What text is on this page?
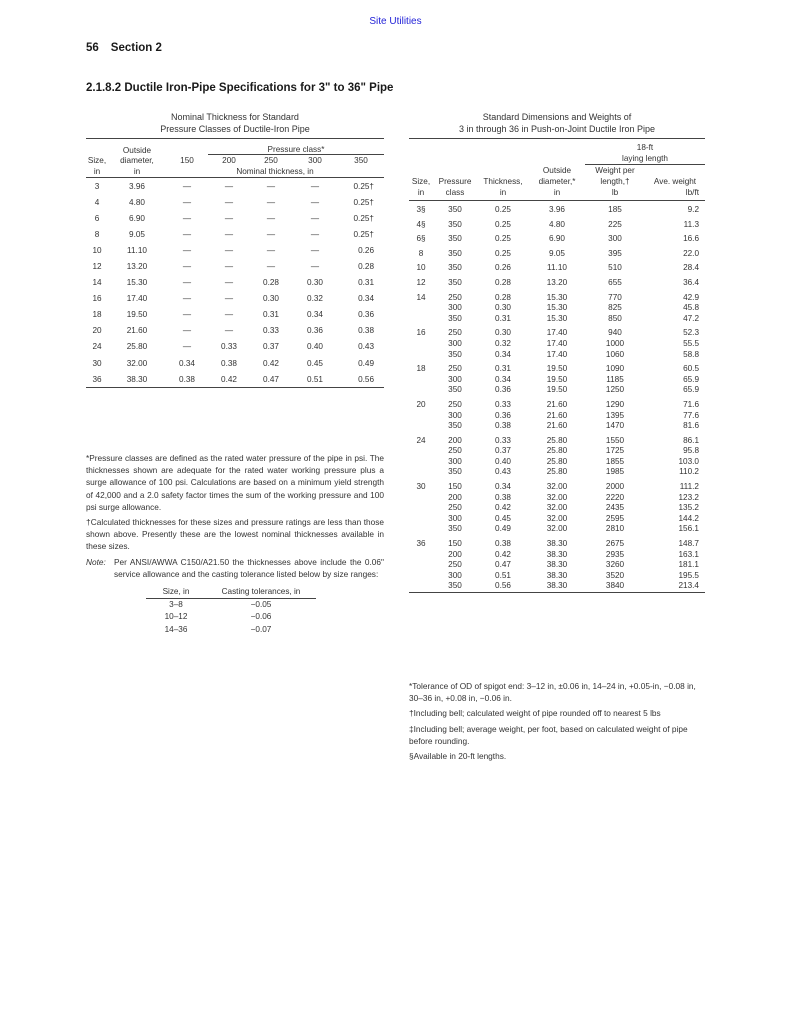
Site Utilities
56 Section 2
2.1.8.2 Ductile Iron-Pipe Specifications for 3" to 36" Pipe
Nominal Thickness for Standard
Pressure Classes of Ductile-Iron Pipe

	Outside		Pressure class*			
Size,	diameter,	150	200	250	300	350
in	in	Nominal thickness, in				
3	3.96	—	—	—	—	0.25†
4	4.80	—	—	—	—	0.25†
6	6.90	—	—	—	—	0.25†
8	9.05	—	—	—	—	0.25†
10	11.10	—	—	—	—	0.26
12	13.20	—	—	—	—	0.28
14	15.30	—	—	0.28	0.30	0.31
16	17.40	—	—	0.30	0.32	0.34
18	19.50	—	—	0.31	0.34	0.36
20	21.60	—	—	0.33	0.36	0.38
24	25.80	—	0.33	0.37	0.40	0.43
30	32.00	0.34	0.38	0.42	0.45	0.49
36	38.30	0.38	0.42	0.47	0.51	0.56

*Pressure classes are defined as the rated water pressure of the pipe in psi. The thicknesses shown are adequate for the rated water working pressure plus a surge allowance of 100 psi. Calculations are based on a minimum yield strength of 42,000 and a 2.0 safety factor times the sum of the working pressure and 100 psi surge allowance.

†Calculated thicknesses for these sizes and pressure ratings are less than those shown above. Presently these are the lowest nominal thicknesses available in these sizes.

Note: Per ANSI/AWWA C150/A21.50 the thicknesses above include the 0.06" service allowance and the casting tolerance listed below by size ranges:
Size, in	Casting tolerances, in
3–8	−0.05
10–12	−0.06
14–36	−0.07
Standard Dimensions and Weights of
3 in through 36 in Push-on-Joint Ductile Iron Pipe

				18-ft	
				laying length	
			Outside	Weight per	
Size,	Pressure	Thickness,	diameter,*	length,†	Ave. weight
in	class	in	in	lb	lb/ft
3§	350	0.25	3.96	185	9.2
4§	350	0.25	4.80	225	11.3
6§	350	0.25	6.90	300	16.6
8	350	0.25	9.05	395	22.0
10	350	0.26	11.10	510	28.4
12	350	0.28	13.20	655	36.4
14	250	0.28	15.30	770	42.9
	300	0.30	15.30	825	45.8
	350	0.31	15.30	850	47.2
16	250	0.30	17.40	940	52.3
	300	0.32	17.40	1000	55.5
	350	0.34	17.40	1060	58.8
18	250	0.31	19.50	1090	60.5
	300	0.34	19.50	1185	65.9
	350	0.36	19.50	1250	65.9
20	250	0.33	21.60	1290	71.6
	300	0.36	21.60	1395	77.6
	350	0.38	21.60	1470	81.6
24	200	0.33	25.80	1550	86.1
	250	0.37	25.80	1725	95.8
	300	0.40	25.80	1855	103.0
	350	0.43	25.80	1985	110.2
30	150	0.34	32.00	2000	111.2
	200	0.38	32.00	2220	123.2
	250	0.42	32.00	2435	135.2
	300	0.45	32.00	2595	144.2
	350	0.49	32.00	2810	156.1
36	150	0.38	38.30	2675	148.7
	200	0.42	38.30	2935	163.1
	250	0.47	38.30	3260	181.1
	300	0.51	38.30	3520	195.5
	350	0.56	38.30	3840	213.4

*Tolerance of OD of spigot end: 3–12 in, ±0.06 in, 14–24 in, +0.05-in, −0.08 in, 30–36 in, +0.08 in, −0.06 in.

†Including bell; calculated weight of pipe rounded off to nearest 5 lbs

‡Including bell; average weight, per foot, based on calculated weight of pipe before rounding.

§Available in 20-ft lengths.
